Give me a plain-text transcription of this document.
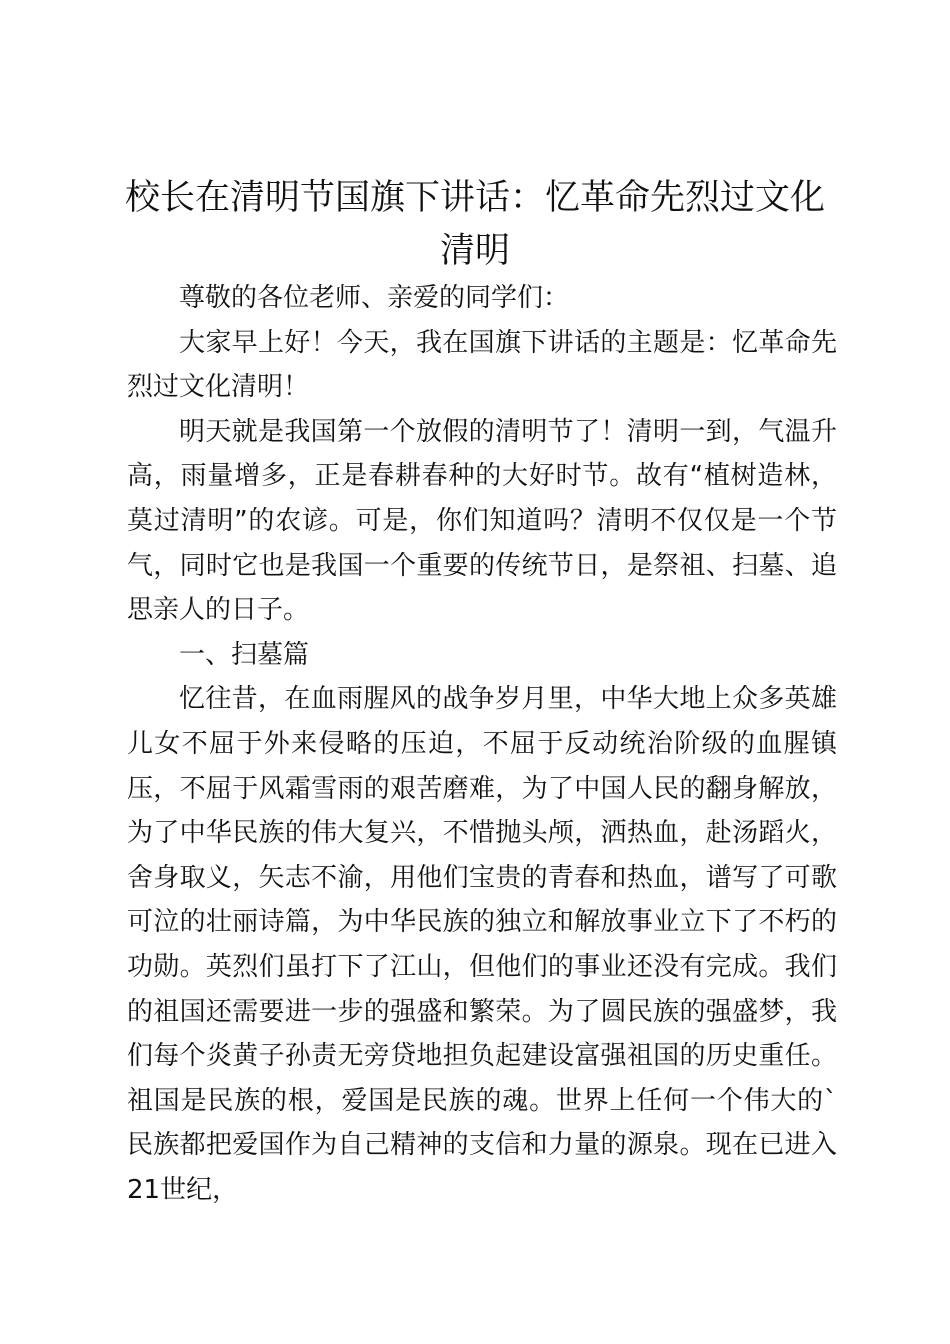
校长在清明节国旗下讲话：忆革命先烈过文化清明

尊敬的各位老师、亲爱的同学们：

大家早上好！今天，我在国旗下讲话的主题是：忆革命先烈过文化清明！

明天就是我国第一个放假的清明节了！清明一到，气温升高，雨量增多，正是春耕春种的大好时节。故有“植树造林，莫过清明”的农谚。可是，你们知道吗？清明不仅仅是一个节气，同时它也是我国一个重要的传统节日，是祭祖、扫墓、追思亲人的日子。

一、扫墓篇

忆往昔，在血雨腥风的战争岁月里，中华大地上众多英雄儿女不屈于外来侵略的压迫，不屈于反动统治阶级的血腥镇压，不屈于风霜雪雨的艰苦磨难，为了中国人民的翻身解放，为了中华民族的伟大复兴，不惜抛头颅，洒热血，赴汤蹈火，舍身取义，矢志不渝，用他们宝贵的青春和热血，谱写了可歌可泣的壮丽诗篇，为中华民族的独立和解放事业立下了不朽的功勋。英烈们虽打下了江山，但他们的事业还没有完成。我们的祖国还需要进一步的强盛和繁荣。为了圆民族的强盛梦，我们每个炎黄子孙责无旁贷地担负起建设富强祖国的历史重任。祖国是民族的根，爱国是民族的魂。世界上任何一个伟大的`民族都把爱国作为自己精神的支信和力量的源泉。现在已进入21世纪，
